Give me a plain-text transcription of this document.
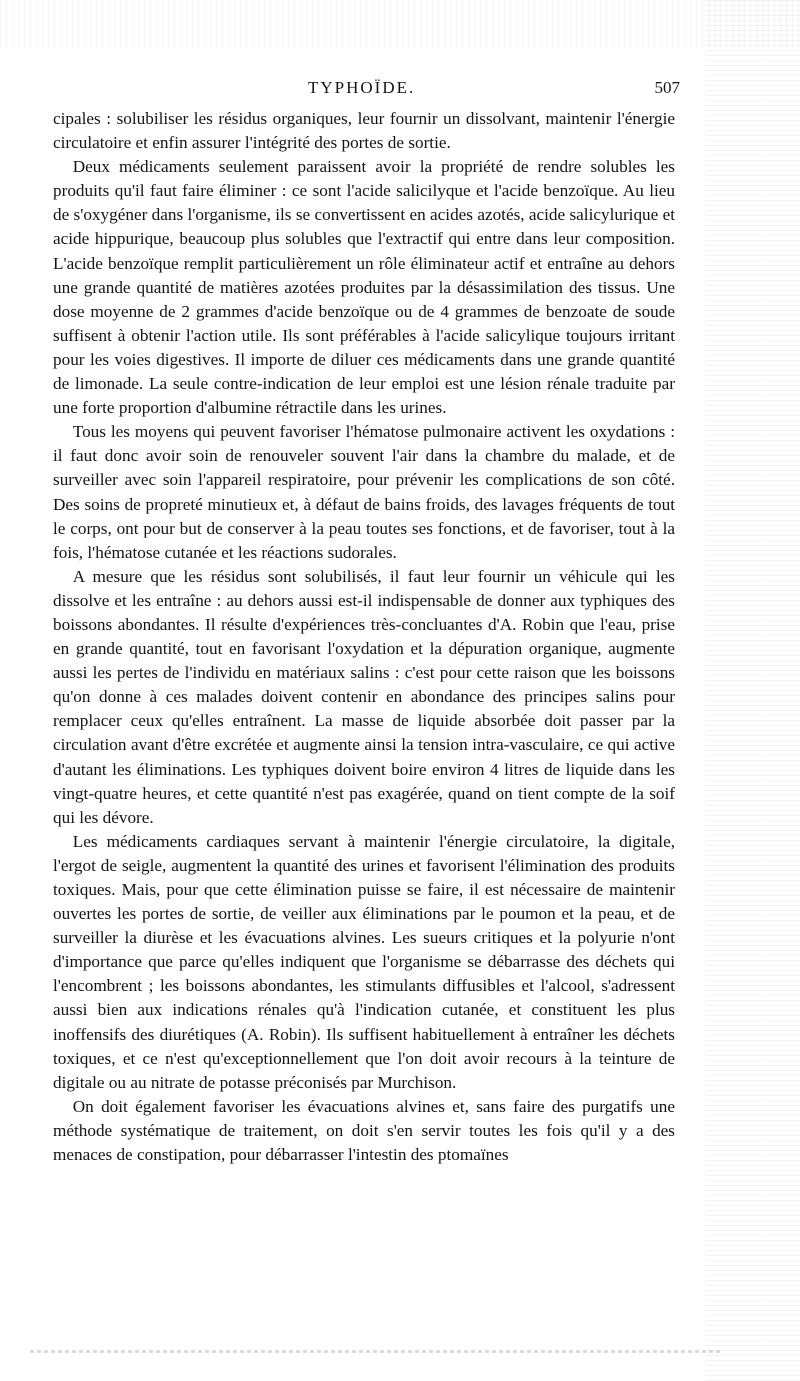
TYPHOÏDE.	507

cipales : solubiliser les résidus organiques, leur fournir un dissolvant, maintenir l'énergie circulatoire et enfin assurer l'intégrité des portes de sortie.

Deux médicaments seulement paraissent avoir la propriété de rendre solubles les produits qu'il faut faire éliminer : ce sont l'acide salicilyque et l'acide benzoïque. Au lieu de s'oxygéner dans l'organisme, ils se convertissent en acides azotés, acide salicylurique et acide hippurique, beaucoup plus solubles que l'extractif qui entre dans leur composition. L'acide benzoïque remplit particulièrement un rôle éliminateur actif et entraîne au dehors une grande quantité de matières azotées produites par la désassimilation des tissus. Une dose moyenne de 2 grammes d'acide benzoïque ou de 4 grammes de benzoate de soude suffisent à obtenir l'action utile. Ils sont préférables à l'acide salicylique toujours irritant pour les voies digestives. Il importe de diluer ces médicaments dans une grande quantité de limonade. La seule contre-indication de leur emploi est une lésion rénale traduite par une forte proportion d'albumine rétractile dans les urines.

Tous les moyens qui peuvent favoriser l'hématose pulmonaire activent les oxydations : il faut donc avoir soin de renouveler souvent l'air dans la chambre du malade, et de surveiller avec soin l'appareil respiratoire, pour prévenir les complications de son côté. Des soins de propreté minutieux et, à défaut de bains froids, des lavages fréquents de tout le corps, ont pour but de conserver à la peau toutes ses fonctions, et de favoriser, tout à la fois, l'hématose cutanée et les réactions sudorales.

A mesure que les résidus sont solubilisés, il faut leur fournir un véhicule qui les dissolve et les entraîne : au dehors aussi est-il indispensable de donner aux typhiques des boissons abondantes. Il résulte d'expériences très-concluantes d'A. Robin que l'eau, prise en grande quantité, tout en favorisant l'oxydation et la dépuration organique, augmente aussi les pertes de l'individu en matériaux salins : c'est pour cette raison que les boissons qu'on donne à ces malades doivent contenir en abondance des principes salins pour remplacer ceux qu'elles entraînent. La masse de liquide absorbée doit passer par la circulation avant d'être excrétée et augmente ainsi la tension intra-vasculaire, ce qui active d'autant les éliminations. Les typhiques doivent boire environ 4 litres de liquide dans les vingt-quatre heures, et cette quantité n'est pas exagérée, quand on tient compte de la soif qui les dévore.

Les médicaments cardiaques servant à maintenir l'énergie circulatoire, la digitale, l'ergot de seigle, augmentent la quantité des urines et favorisent l'élimination des produits toxiques. Mais, pour que cette élimination puisse se faire, il est nécessaire de maintenir ouvertes les portes de sortie, de veiller aux éliminations par le poumon et la peau, et de surveiller la diurèse et les évacuations alvines. Les sueurs critiques et la polyurie n'ont d'importance que parce qu'elles indiquent que l'organisme se débarrasse des déchets qui l'encombrent ; les boissons abondantes, les stimulants diffusibles et l'alcool, s'adressent aussi bien aux indications rénales qu'à l'indication cutanée, et constituent les plus inoffensifs des diurétiques (A. Robin). Ils suffisent habituellement à entraîner les déchets toxiques, et ce n'est qu'exceptionnellement que l'on doit avoir recours à la teinture de digitale ou au nitrate de potasse préconisés par Murchison.

On doit également favoriser les évacuations alvines et, sans faire des purgatifs une méthode systématique de traitement, on doit s'en servir toutes les fois qu'il y a des menaces de constipation, pour débarrasser l'intestin des ptomaïnes
